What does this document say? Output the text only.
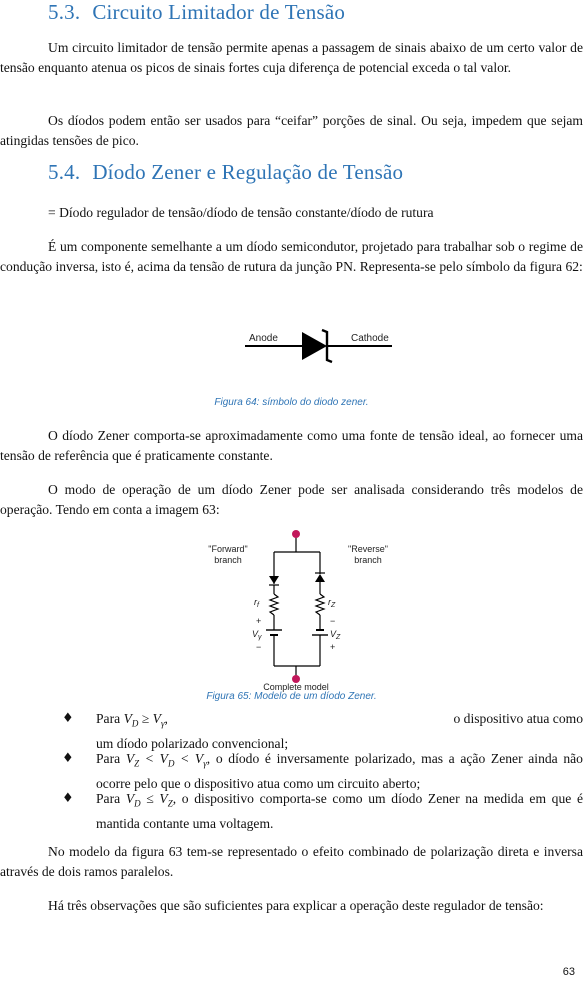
5.3. Circuito Limitador de Tensão

Um circuito limitador de tensão permite apenas a passagem de sinais abaixo de um certo valor de tensão enquanto atenua os picos de sinais fortes cuja diferença de potencial exceda o tal valor.

Os díodos podem então ser usados para “ceifar” porções de sinal. Ou seja, impedem que sejam atingidas tensões de pico.

5.4. Díodo Zener e Regulação de Tensão

= Díodo regulador de tensão/díodo de tensão constante/díodo de rutura

É um componente semelhante a um díodo semicondutor, projetado para trabalhar sob o regime de condução inversa, isto é, acima da tensão de rutura da junção PN. Representa-se pelo símbolo da figura 62:

Anode	Cathode
Figura 64: símbolo do diodo zener.

O díodo Zener comporta-se aproximadamente como uma fonte de tensão ideal, ao fornecer uma tensão de referência que é praticamente constante.

O modo de operação de um díodo Zener pode ser analisada considerando três modelos de operação. Tendo em conta a imagem 63:

"Forward"
branch
"Reverse"
branch
$r_f$	$r_Z$
+
$V_\gamma$
−
−
$V_Z$
+
Complete model
Figura 65: Modelo de um díodo Zener.
♦ Para $V_D \ge V_\gamma$,	o dispositivo atua como
um díodo polarizado convencional;
♦ Para $V_Z < V_D < V_\gamma$, o díodo é inversamente polarizado, mas a ação Zener ainda não ocorre pelo que o dispositivo atua como um circuito aberto;
♦ Para $V_D \le V_Z$, o dispositivo comporta-se como um díodo Zener na medida em que é mantida contante uma voltagem.

No modelo da figura 63 tem-se representado o efeito combinado de polarização direta e inversa através de dois ramos paralelos.

Há três observações que são suficientes para explicar a operação deste regulador de tensão:

63
